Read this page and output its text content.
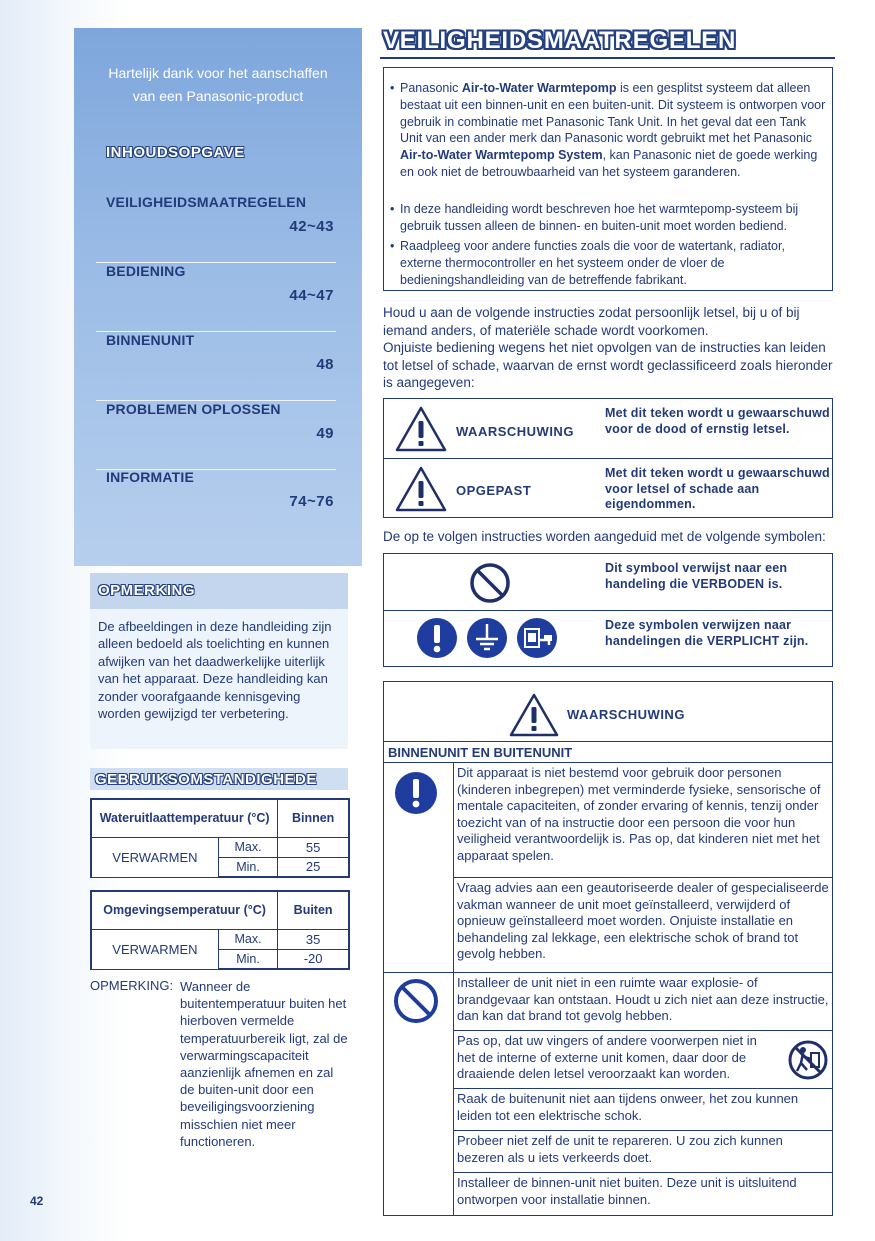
Hartelijk dank voor het aanschaffen
van een Panasonic-product
INHOUDSOPGAVE
VEILIGHEIDSMAATREGELEN
42~43
BEDIENING
44~47
BINNENUNIT
48
PROBLEMEN OPLOSSEN
49
INFORMATIE
74~76
OPMERKING

De afbeeldingen in deze handleiding zijn alleen bedoeld als toelichting en kunnen afwijken van het daadwerkelijke uiterlijk van het apparaat. Deze handleiding kan zonder voorafgaande kennisgeving worden gewijzigd ter verbetering.

GEBRUIKSOMSTANDIGHEDE
Wateruitlaattemperatuur (°C)		Binnen
VERWARMEN	Max.	55
	Min.	25
Omgevingsemperatuur (°C)		Buiten
VERWARMEN	Max.	35
	Min.	-20
OPMERKING: Wanneer de buitentemperatuur buiten het hierboven vermelde temperatuurbereik ligt, zal de verwarmingscapaciteit aanzienlijk afnemen en zal de buiten-unit door een beveiligingsvoorziening misschien niet meer functioneren.
42
VEILIGHEIDSMAATREGELEN
• Panasonic Air-to-Water Warmtepomp is een gesplitst systeem dat alleen bestaat uit een binnen-unit en een buiten-unit. Dit systeem is ontworpen voor gebruik in combinatie met Panasonic Tank Unit. In het geval dat een Tank Unit van een ander merk dan Panasonic wordt gebruikt met het Panasonic Air-to-Water Warmtepomp System, kan Panasonic niet de goede werking en ook niet de betrouwbaarheid van het systeem garanderen.
• In deze handleiding wordt beschreven hoe het warmtepomp-systeem bij gebruik tussen alleen de binnen- en buiten-unit moet worden bediend.
• Raadpleeg voor andere functies zoals die voor de watertank, radiator, externe thermocontroller en het systeem onder de vloer de bedieningshandleiding van de betreffende fabrikant.
Houd u aan de volgende instructies zodat persoonlijk letsel, bij u of bij iemand anders, of materiële schade wordt voorkomen.
Onjuiste bediening wegens het niet opvolgen van de instructies kan leiden tot letsel of schade, waarvan de ernst wordt geclassificeerd zoals hieronder is aangegeven:
WAARSCHUWING
Met dit teken wordt u gewaarschuwd voor de dood of ernstig letsel.
OPGEPAST
Met dit teken wordt u gewaarschuwd voor letsel of schade aan eigendommen.
De op te volgen instructies worden aangeduid met de volgende symbolen:
Dit symbool verwijst naar een handeling die VERBODEN is.
Deze symbolen verwijzen naar handelingen die VERPLICHT zijn.
WAARSCHUWING
BINNENUNIT EN BUITENUNIT

Dit apparaat is niet bestemd voor gebruik door personen (kinderen inbegrepen) met verminderde fysieke, sensorische of mentale capaciteiten, of zonder ervaring of kennis, tenzij onder toezicht van of na instructie door een persoon die voor hun veiligheid verantwoordelijk is. Pas op, dat kinderen niet met het apparaat spelen.

Vraag advies aan een geautoriseerde dealer of gespecialiseerde vakman wanneer de unit moet geïnstalleerd, verwijderd of opnieuw geïnstalleerd moet worden. Onjuiste installatie en behandeling zal lekkage, een elektrische schok of brand tot gevolg hebben.

Installeer de unit niet in een ruimte waar explosie- of brandgevaar kan ontstaan. Houdt u zich niet aan deze instructie, dan kan dat brand tot gevolg hebben.

Pas op, dat uw vingers of andere voorwerpen niet in het de interne of externe unit komen, daar door de draaiende delen letsel veroorzaakt kan worden.

Raak de buitenunit niet aan tijdens onweer, het zou kunnen leiden tot een elektrische schok.

Probeer niet zelf de unit te repareren. U zou zich kunnen bezeren als u iets verkeerds doet.

Installeer de binnen-unit niet buiten. Deze unit is uitsluitend ontworpen voor installatie binnen.
